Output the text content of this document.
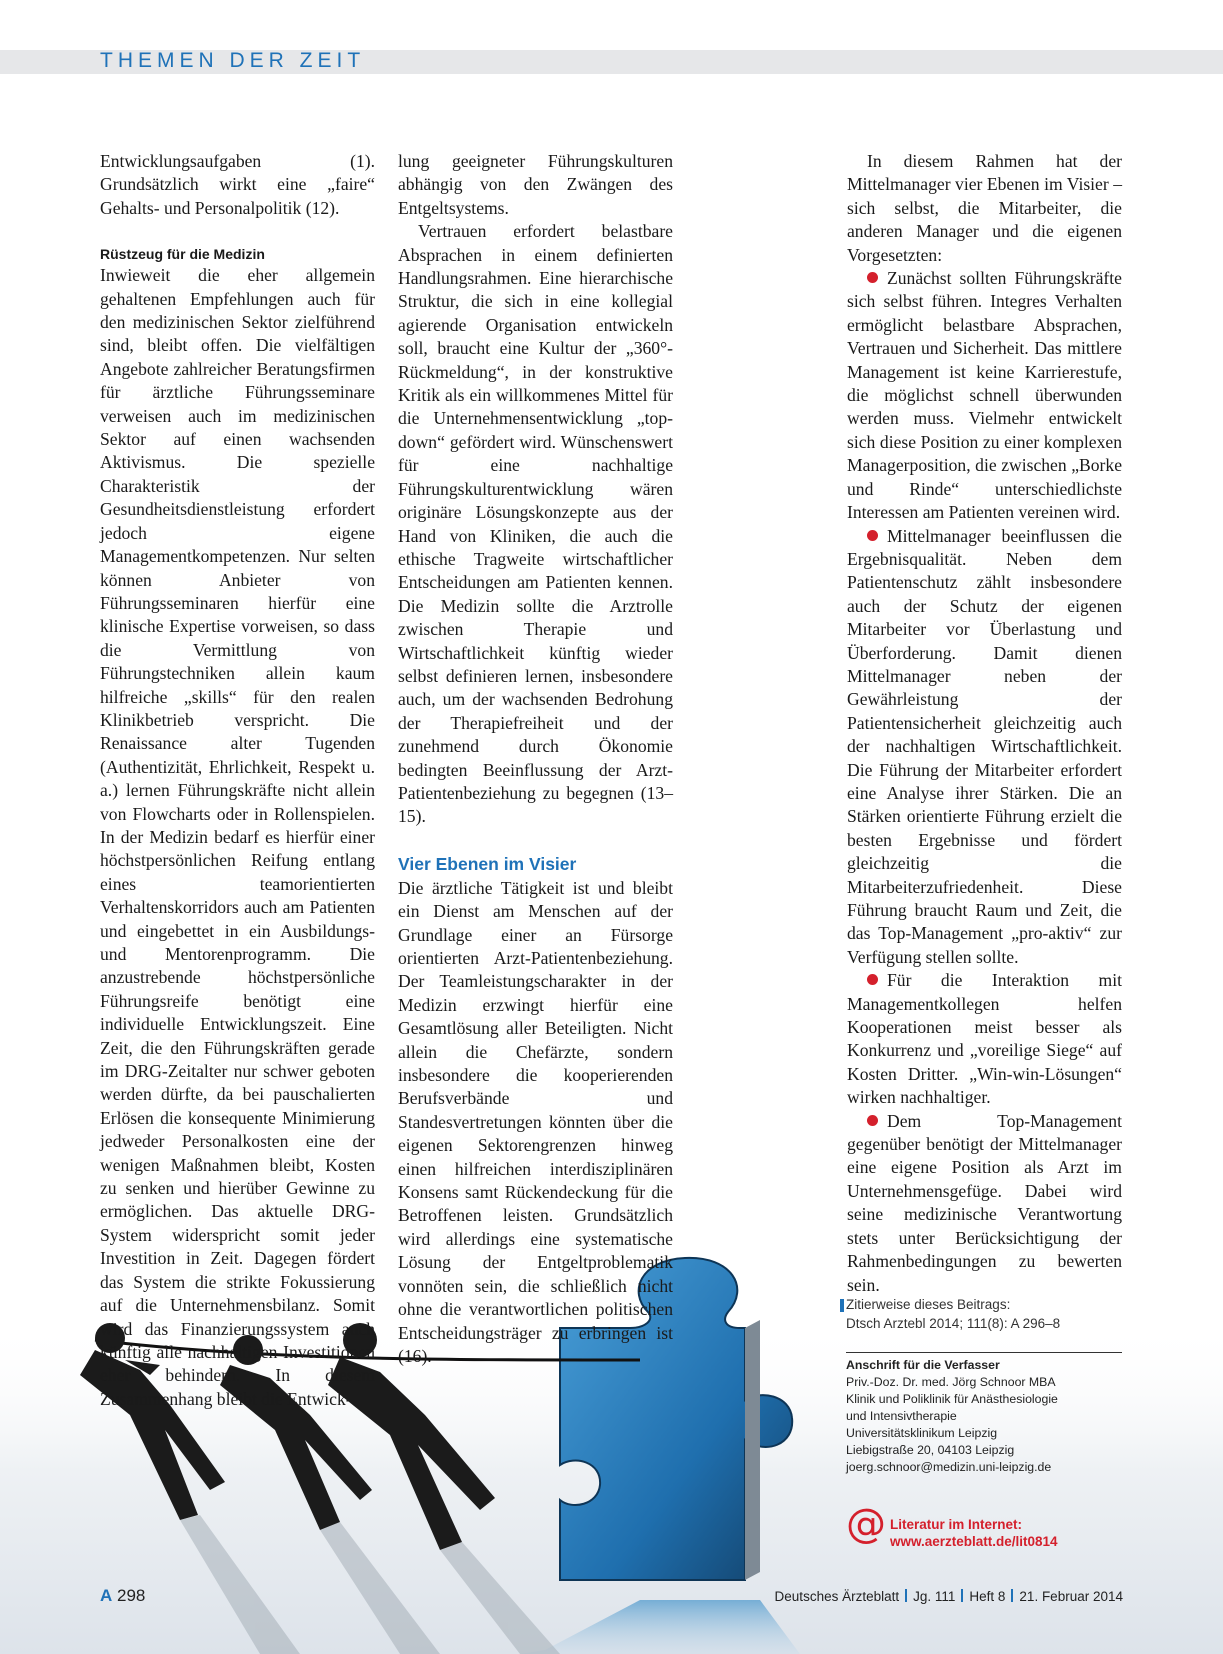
THEMEN DER ZEIT

Entwicklungsaufgaben (1). Grundsätzlich wirkt eine „faire“ Gehalts- und Personalpolitik (12).

Rüstzeug für die Medizin

Inwieweit die eher allgemein gehaltenen Empfehlungen auch für den medizinischen Sektor zielführend sind, bleibt offen. Die vielfältigen Angebote zahlreicher Beratungsfirmen für ärztliche Führungsseminare verweisen auch im medizinischen Sektor auf einen wachsenden Aktivismus. Die spezielle Charakteristik der Gesundheitsdienstleistung erfordert jedoch eigene Managementkompetenzen. Nur selten können Anbieter von Führungsseminaren hierfür eine klinische Expertise vorweisen, so dass die Vermittlung von Führungstechniken allein kaum hilfreiche „skills“ für den realen Klinikbetrieb verspricht. Die Renaissance alter Tugenden (Authentizität, Ehrlichkeit, Respekt u. a.) lernen Führungskräfte nicht allein von Flowcharts oder in Rollenspielen. In der Medizin bedarf es hierfür einer höchstpersönlichen Reifung entlang eines teamorientierten Verhaltenskorridors auch am Patienten und eingebettet in ein Ausbildungs- und Mentorenprogramm. Die anzustrebende höchstpersönliche Führungsreife benötigt eine individuelle Entwicklungszeit. Eine Zeit, die den Führungskräften gerade im DRG-Zeitalter nur schwer geboten werden dürfte, da bei pauschalierten Erlösen die konsequente Minimierung jedweder Personalkosten eine der wenigen Maßnahmen bleibt, Kosten zu senken und hierüber Gewinne zu ermöglichen. Das aktuelle DRG-System widerspricht somit jeder Investition in Zeit. Dagegen fördert das System die strikte Fokussierung auf die Unternehmensbilanz. Somit wird das Finanzierungssystem auch künftig alle nachhaltigen Investitionen eher behindern. In diesem Zusammenhang bleibt die Entwick-

lung geeigneter Führungskulturen abhängig von den Zwängen des Entgeltsystems.

Vertrauen erfordert belastbare Absprachen in einem definierten Handlungsrahmen. Eine hierarchische Struktur, die sich in eine kollegial agierende Organisation entwickeln soll, braucht eine Kultur der „360°-Rückmeldung“, in der konstruktive Kritik als ein willkommenes Mittel für die Unternehmensentwicklung „top-down“ gefördert wird. Wünschenswert für eine nachhaltige Führungskulturentwicklung wären originäre Lösungskonzepte aus der Hand von Kliniken, die auch die ethische Tragweite wirtschaftlicher Entscheidungen am Patienten kennen. Die Medizin sollte die Arztrolle zwischen Therapie und Wirtschaftlichkeit künftig wieder selbst definieren lernen, insbesondere auch, um der wachsenden Bedrohung der Therapiefreiheit und der zunehmend durch Ökonomie bedingten Beeinflussung der Arzt-Patientenbeziehung zu begegnen (13–15).

Vier Ebenen im Visier

Die ärztliche Tätigkeit ist und bleibt ein Dienst am Menschen auf der Grundlage einer an Fürsorge orientierten Arzt-Patientenbeziehung. Der Teamleistungscharakter in der Medizin erzwingt hierfür eine Gesamtlösung aller Beteiligten. Nicht allein die Chefärzte, sondern insbesondere die kooperierenden Berufsverbände und Standesvertretungen könnten über die eigenen Sektorengrenzen hinweg einen hilfreichen interdisziplinären Konsens samt Rückendeckung für die Betroffenen leisten. Grundsätzlich wird allerdings eine systematische Lösung der Entgeltproblematik vonnöten sein, die schließlich nicht ohne die verantwortlichen politischen Entscheidungsträger zu erbringen ist (16).

In diesem Rahmen hat der Mittelmanager vier Ebenen im Visier – sich selbst, die Mitarbeiter, die anderen Manager und die eigenen Vorgesetzten:

Zunächst sollten Führungskräfte sich selbst führen. Integres Verhalten ermöglicht belastbare Absprachen, Vertrauen und Sicherheit. Das mittlere Management ist keine Karrierestufe, die möglichst schnell überwunden werden muss. Vielmehr entwickelt sich diese Position zu einer komplexen Managerposition, die zwischen „Borke und Rinde“ unterschiedlichste Interessen am Patienten vereinen wird.

Mittelmanager beeinflussen die Ergebnisqualität. Neben dem Patientenschutz zählt insbesondere auch der Schutz der eigenen Mitarbeiter vor Überlastung und Überforderung. Damit dienen Mittelmanager neben der Gewährleistung der Patientensicherheit gleichzeitig auch der nachhaltigen Wirtschaftlichkeit. Die Führung der Mitarbeiter erfordert eine Analyse ihrer Stärken. Die an Stärken orientierte Führung erzielt die besten Ergebnisse und fördert gleichzeitig die Mitarbeiterzufriedenheit. Diese Führung braucht Raum und Zeit, die das Top-Management „pro-aktiv“ zur Verfügung stellen sollte.

Für die Interaktion mit Managementkollegen helfen Kooperationen meist besser als Konkurrenz und „voreilige Siege“ auf Kosten Dritter. „Win-win-Lösungen“ wirken nachhaltiger.

Dem Top-Management gegenüber benötigt der Mittelmanager eine eigene Position als Arzt im Unternehmensgefüge. Dabei wird seine medizinische Verantwortung stets unter Berücksichtigung der Rahmenbedingungen zu bewerten sein.

Zitierweise dieses Beitrags:
Dtsch Arztebl 2014; 111(8): A 296–8
Anschrift für die Verfasser
Priv.-Doz. Dr. med. Jörg Schnoor MBA
Klinik und Poliklinik für Anästhesiologie
und Intensivtherapie
Universitätsklinikum Leipzig
Liebigstraße 20, 04103 Leipzig
joerg.schnoor@medizin.uni-leipzig.de
@ Literatur im Internet:
www.aerzteblatt.de/lit0814
A 298	Deutsches Ärzteblatt Jg. 111 Heft 8 21. Februar 2014
